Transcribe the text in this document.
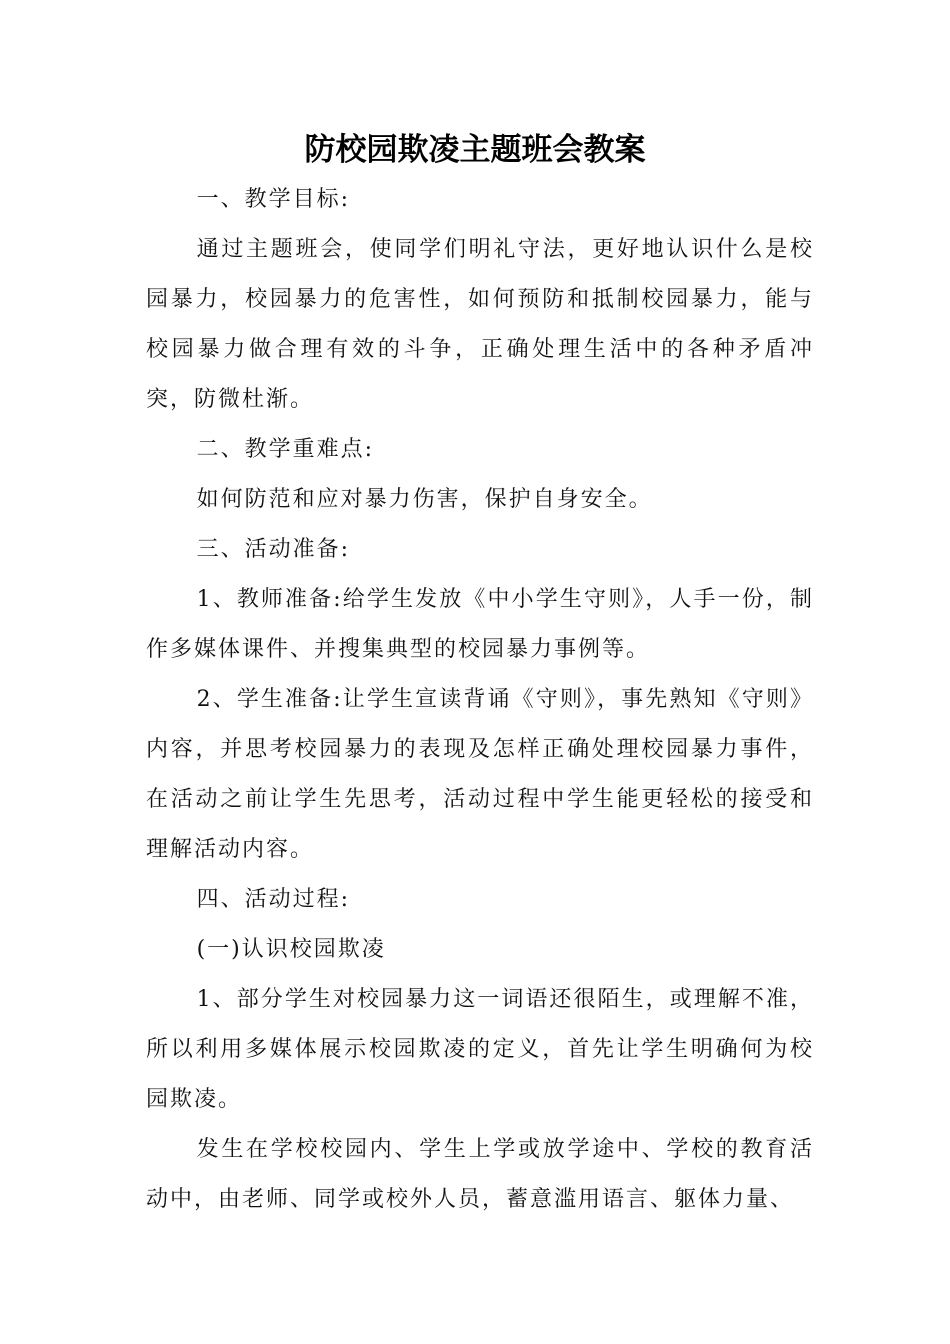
防校园欺凌主题班会教案

一、教学目标:

通过主题班会，使同学们明礼守法，更好地认识什么是校园暴力，校园暴力的危害性，如何预防和抵制校园暴力，能与校园暴力做合理有效的斗争，正确处理生活中的各种矛盾冲突，防微杜渐。

二、教学重难点:

如何防范和应对暴力伤害，保护自身安全。

三、活动准备:

1、教师准备:给学生发放《中小学生守则》，人手一份，制作多媒体课件、并搜集典型的校园暴力事例等。

2、学生准备:让学生宣读背诵《守则》，事先熟知《守则》内容，并思考校园暴力的表现及怎样正确处理校园暴力事件，在活动之前让学生先思考，活动过程中学生能更轻松的接受和理解活动内容。

四、活动过程:

(一)认识校园欺凌

1、部分学生对校园暴力这一词语还很陌生，或理解不准，所以利用多媒体展示校园欺凌的定义，首先让学生明确何为校园欺凌。

发生在学校校园内、学生上学或放学途中、学校的教育活动中，由老师、同学或校外人员，蓄意滥用语言、躯体力量、
